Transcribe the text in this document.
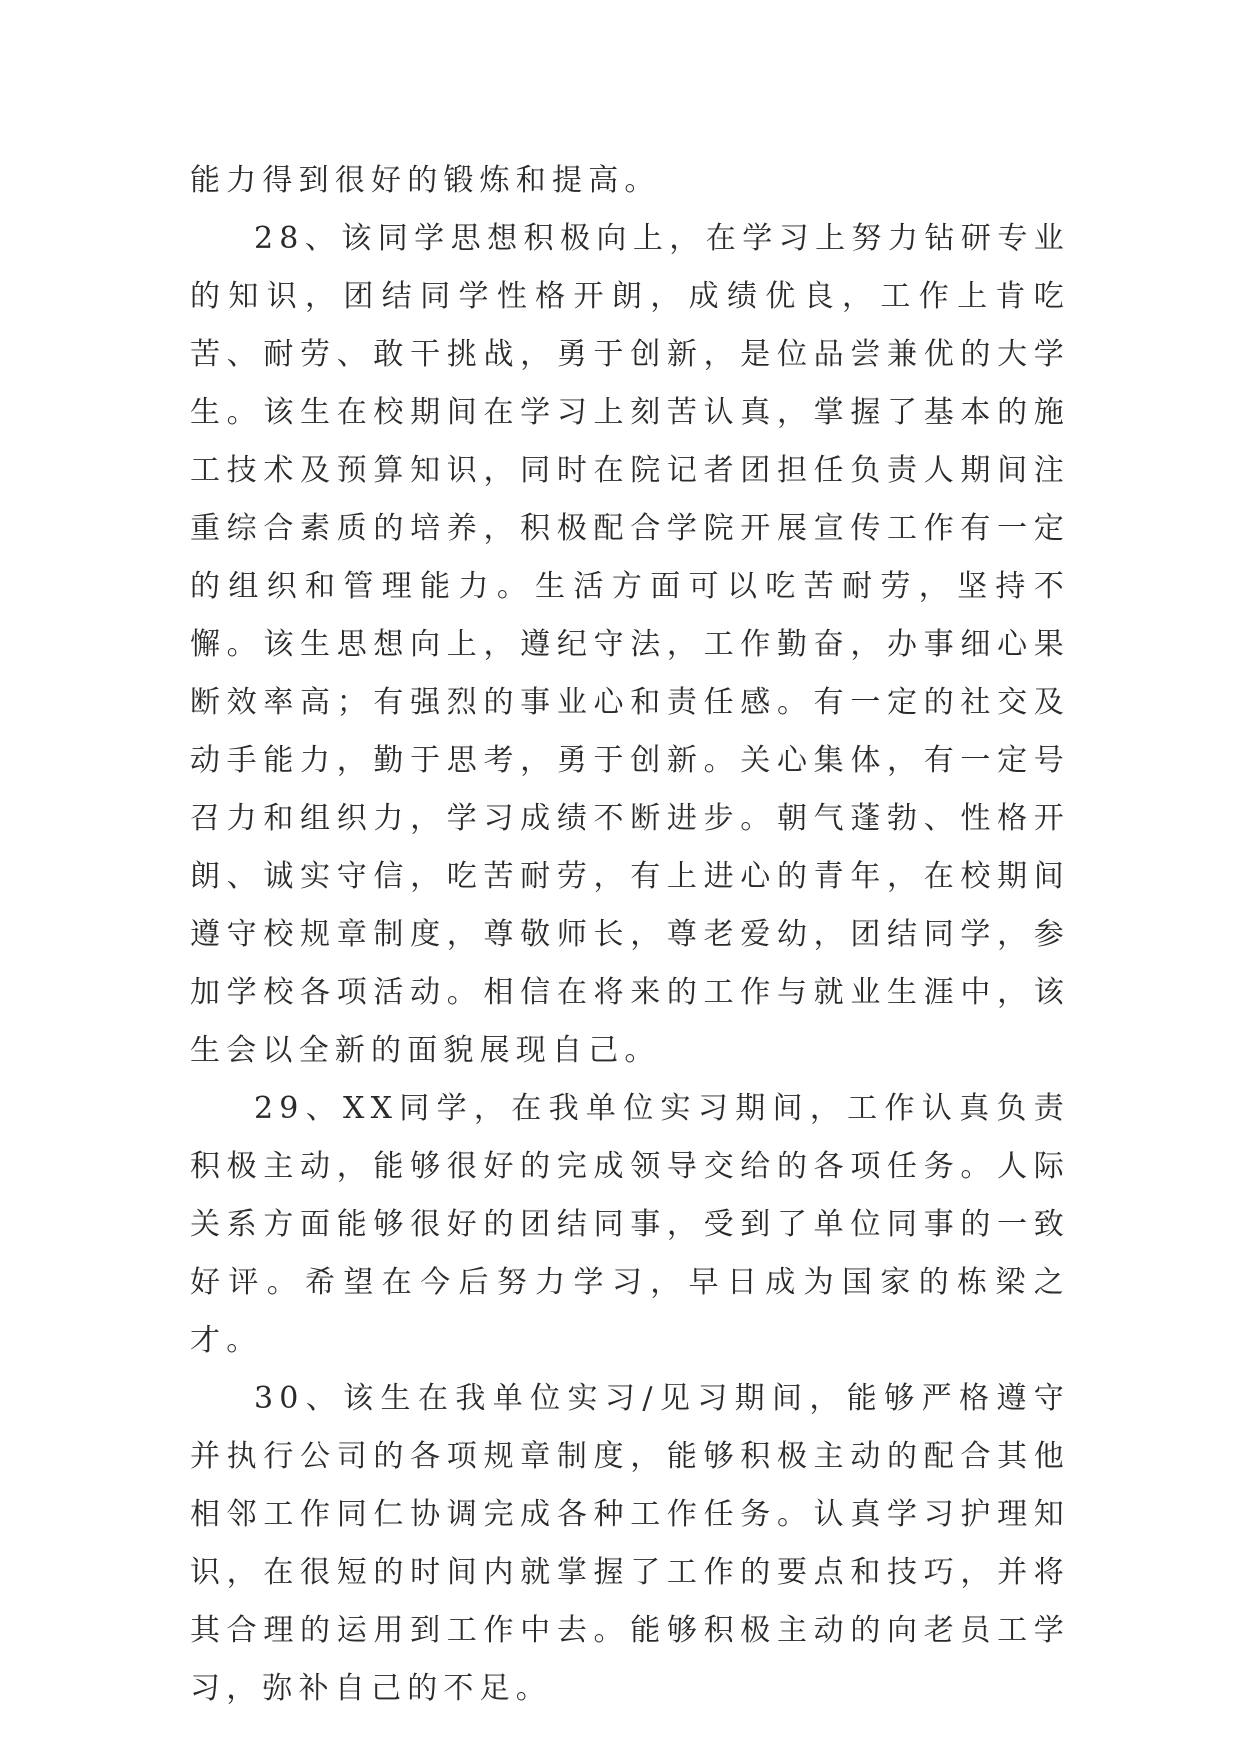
能力得到很好的锻炼和提高。

28、该同学思想积极向上，在学习上努力钻研专业的知识，团结同学性格开朗，成绩优良，工作上肯吃苦、耐劳、敢干挑战，勇于创新，是位品尝兼优的大学生。该生在校期间在学习上刻苦认真，掌握了基本的施工技术及预算知识，同时在院记者团担任负责人期间注重综合素质的培养，积极配合学院开展宣传工作有一定的组织和管理能力。生活方面可以吃苦耐劳，坚持不懈。该生思想向上，遵纪守法，工作勤奋，办事细心果断效率高；有强烈的事业心和责任感。有一定的社交及动手能力，勤于思考，勇于创新。关心集体，有一定号召力和组织力，学习成绩不断进步。朝气蓬勃、性格开朗、诚实守信，吃苦耐劳，有上进心的青年，在校期间遵守校规章制度，尊敬师长，尊老爱幼，团结同学，参加学校各项活动。相信在将来的工作与就业生涯中，该生会以全新的面貌展现自己。

29、XX同学，在我单位实习期间，工作认真负责积极主动，能够很好的完成领导交给的各项任务。人际关系方面能够很好的团结同事，受到了单位同事的一致好评。希望在今后努力学习，早日成为国家的栋梁之才。

30、该生在我单位实习/见习期间，能够严格遵守并执行公司的各项规章制度，能够积极主动的配合其他相邻工作同仁协调完成各种工作任务。认真学习护理知识，在很短的时间内就掌握了工作的要点和技巧，并将其合理的运用到工作中去。能够积极主动的向老员工学习，弥补自己的不足。
